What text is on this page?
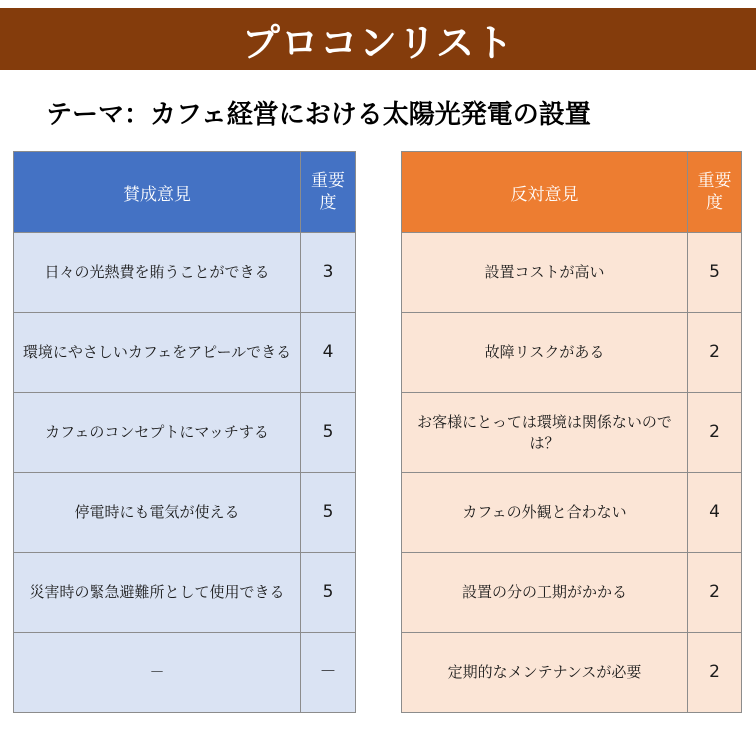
プロコンリスト
テーマ：カフェ経営における太陽光発電の設置
賛成意見	重要度
日々の光熱費を賄うことができる	3
環境にやさしいカフェをアピールできる	4
カフェのコンセプトにマッチする	5
停電時にも電気が使える	5
災害時の緊急避難所として使用できる	5
－	－
反対意見	重要度
設置コストが高い	5
故障リスクがある	2
お客様にとっては環境は関係ないのでは？	2
カフェの外観と合わない	4
設置の分の工期がかかる	2
定期的なメンテナンスが必要	2
